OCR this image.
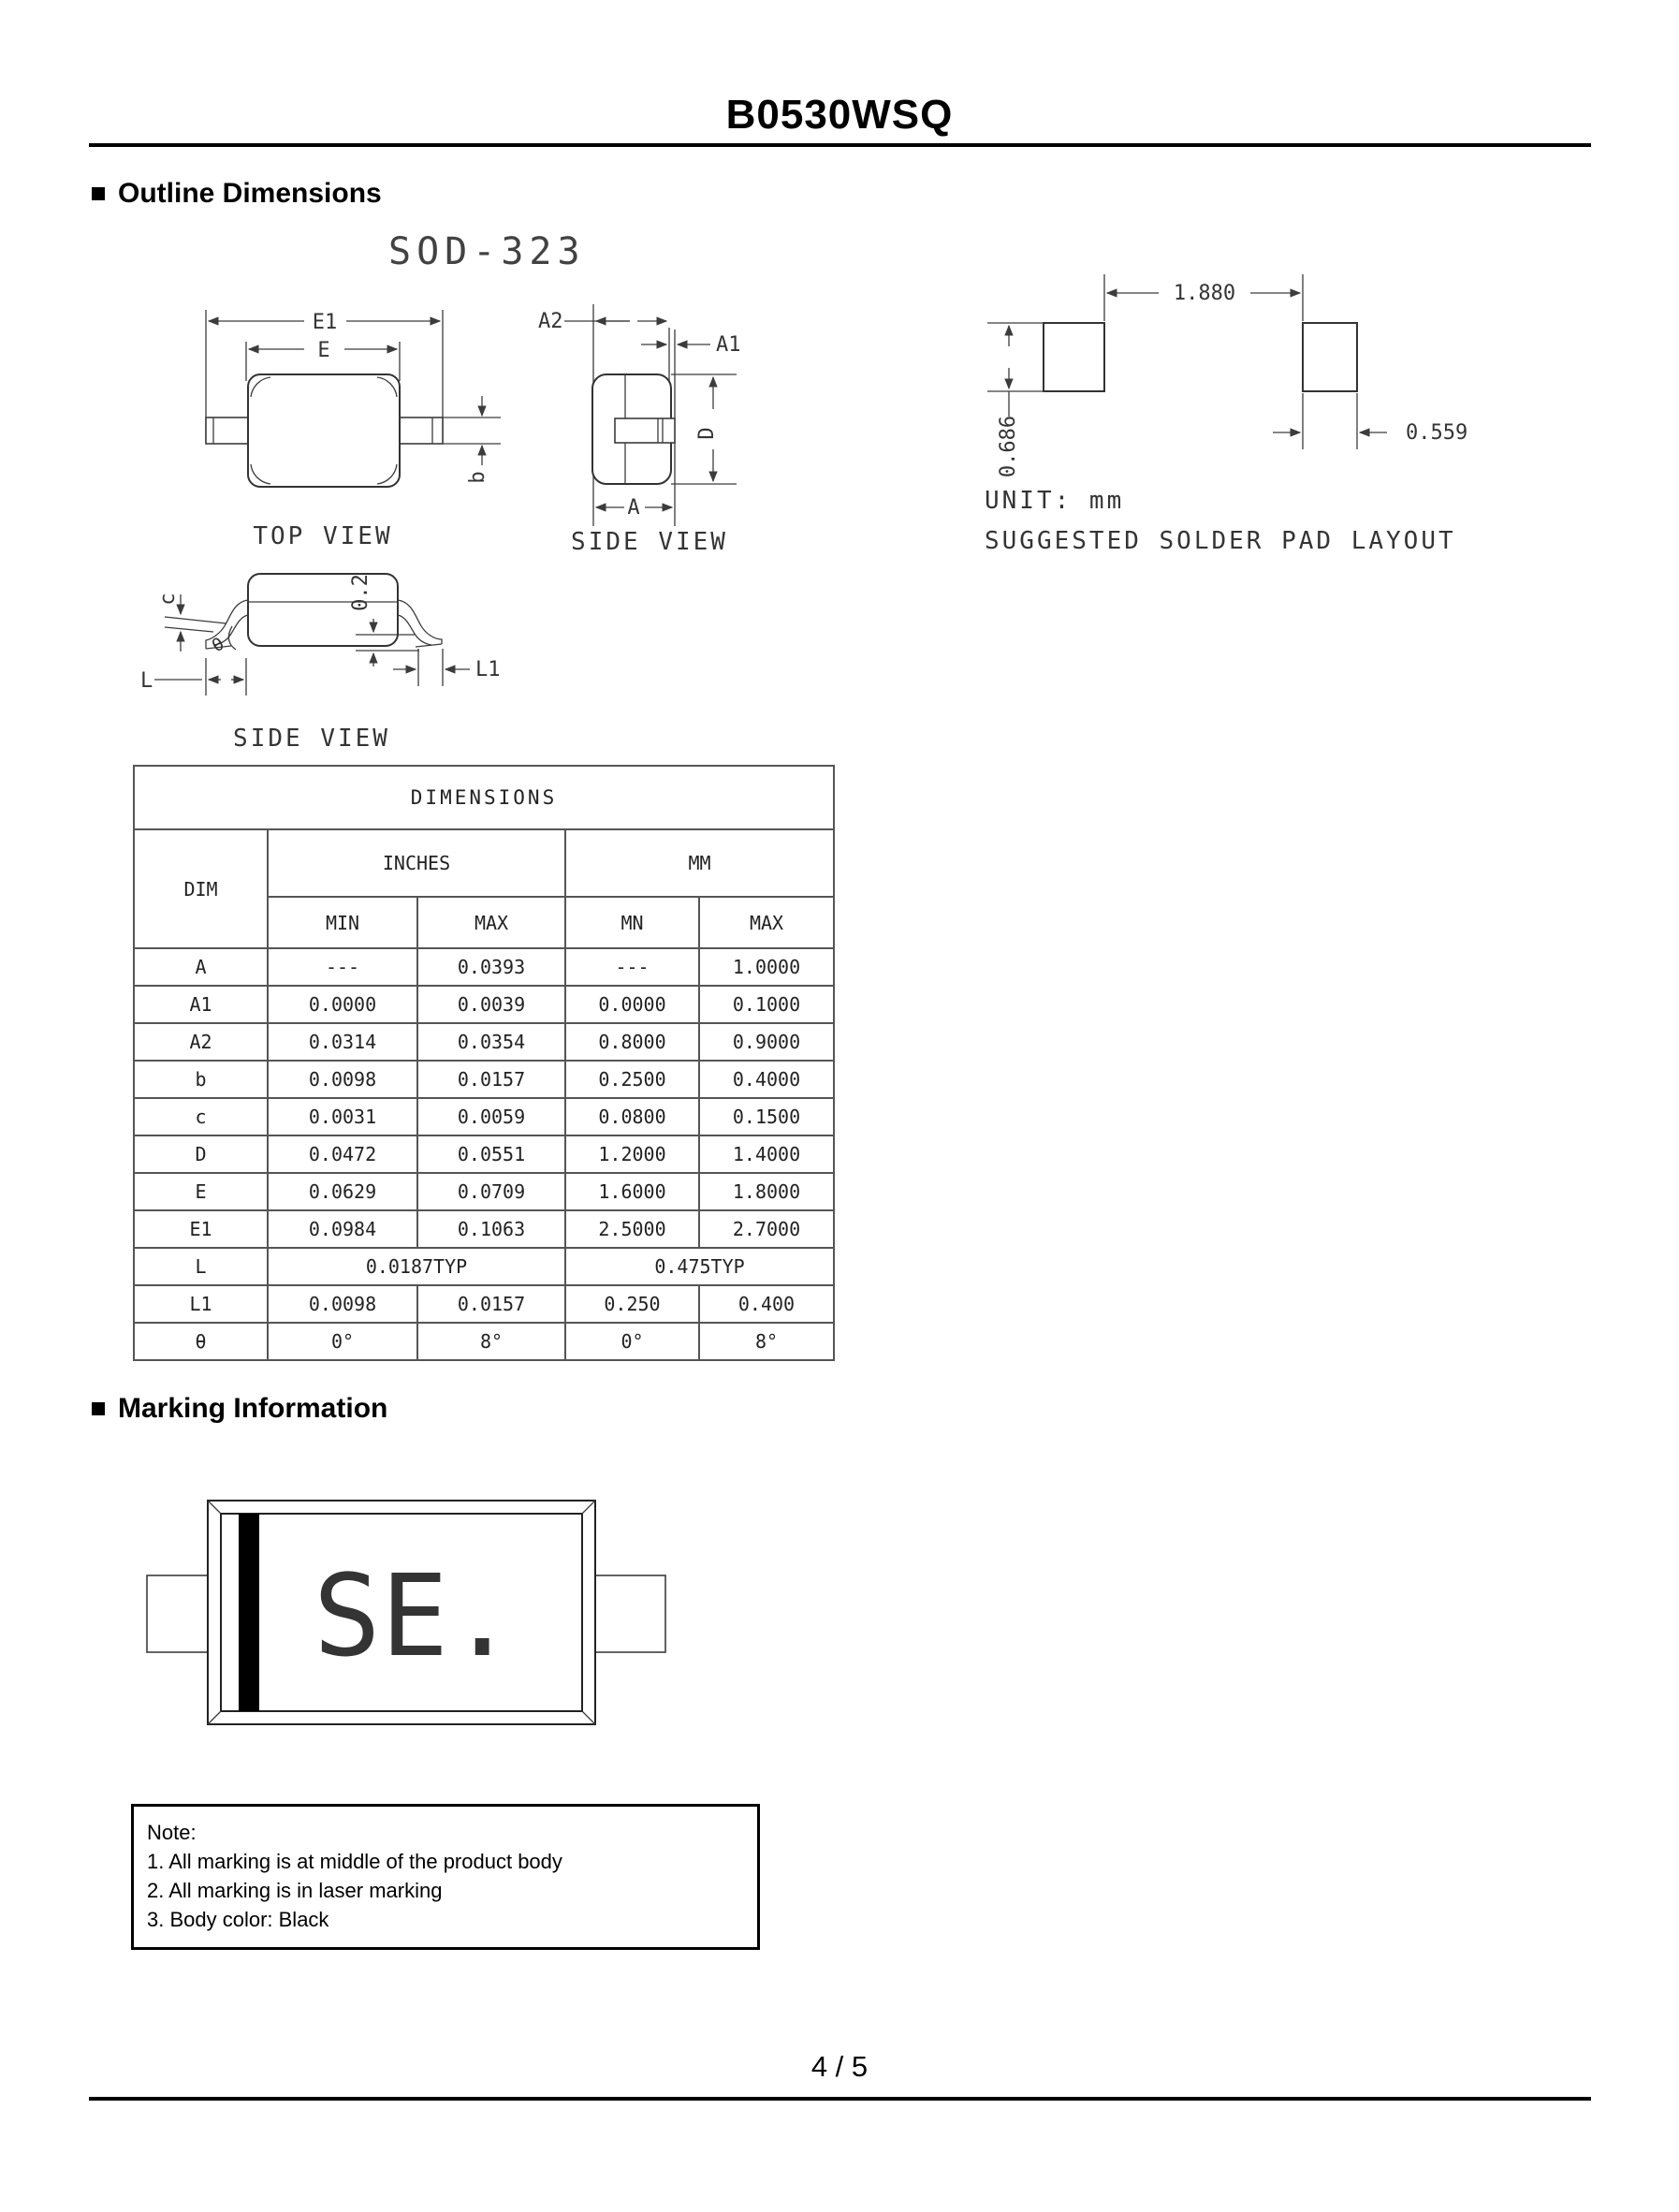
B0530WSQ
Outline Dimensions
SOD-323
E1
E
b
TOP VIEW
A2
A1
D
A
SIDE VIEW
0.686
1.880
0.559
UNIT: mm
SUGGESTED SOLDER PAD LAYOUT
c
θ
L
0.2
L1
SIDE VIEW
DIMENSIONS				
DIM	INCHES		MM	
	MIN	MAX	MN	MAX
A	---	0.0393	---	1.0000
A1	0.0000	0.0039	0.0000	0.1000
A2	0.0314	0.0354	0.8000	0.9000
b	0.0098	0.0157	0.2500	0.4000
c	0.0031	0.0059	0.0800	0.1500
D	0.0472	0.0551	1.2000	1.4000
E	0.0629	0.0709	1.6000	1.8000
E1	0.0984	0.1063	2.5000	2.7000
L	0.0187TYP		0.475TYP	
L1	0.0098	0.0157	0.250	0.400
θ	0°	8°	0°	8°
Marking Information
SE.
Note:
1. All marking is at middle of the product body
2. All marking is in laser marking
3. Body color: Black
4 / 5
